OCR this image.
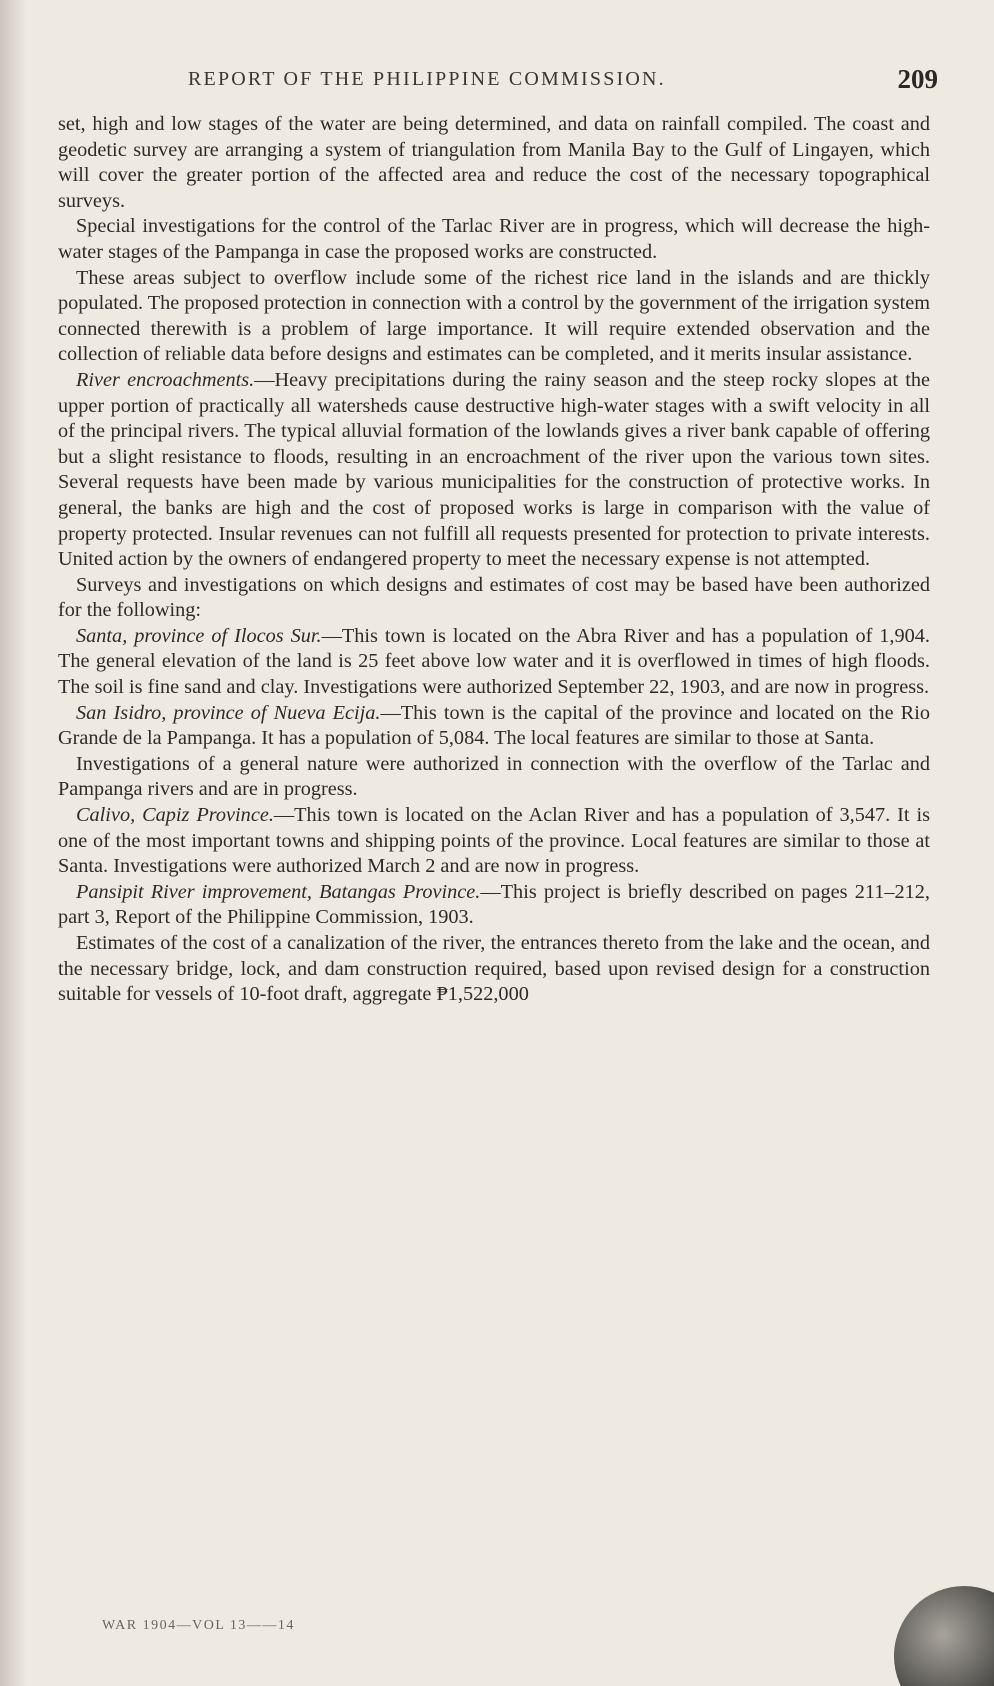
REPORT OF THE PHILIPPINE COMMISSION.	209

set, high and low stages of the water are being determined, and data on rainfall compiled. The coast and geodetic survey are arranging a system of triangulation from Manila Bay to the Gulf of Lingayen, which will cover the greater portion of the affected area and reduce the cost of the necessary topographical surveys.

Special investigations for the control of the Tarlac River are in progress, which will decrease the high-water stages of the Pampanga in case the proposed works are constructed.

These areas subject to overflow include some of the richest rice land in the islands and are thickly populated. The proposed protection in connection with a control by the government of the irrigation system connected therewith is a problem of large importance. It will require extended observation and the collection of reliable data before designs and estimates can be completed, and it merits insular assistance.

River encroachments.—Heavy precipitations during the rainy season and the steep rocky slopes at the upper portion of practically all watersheds cause destructive high-water stages with a swift velocity in all of the principal rivers. The typical alluvial formation of the lowlands gives a river bank capable of offering but a slight resistance to floods, resulting in an encroachment of the river upon the various town sites. Several requests have been made by various municipalities for the construction of protective works. In general, the banks are high and the cost of proposed works is large in comparison with the value of property protected. Insular revenues can not fulfill all requests presented for protection to private interests. United action by the owners of endangered property to meet the necessary expense is not attempted.

Surveys and investigations on which designs and estimates of cost may be based have been authorized for the following:

Santa, province of Ilocos Sur.—This town is located on the Abra River and has a population of 1,904. The general elevation of the land is 25 feet above low water and it is overflowed in times of high floods. The soil is fine sand and clay. Investigations were authorized September 22, 1903, and are now in progress.

San Isidro, province of Nueva Ecija.—This town is the capital of the province and located on the Rio Grande de la Pampanga. It has a population of 5,084. The local features are similar to those at Santa.

Investigations of a general nature were authorized in connection with the overflow of the Tarlac and Pampanga rivers and are in progress.

Calivo, Capiz Province.—This town is located on the Aclan River and has a population of 3,547. It is one of the most important towns and shipping points of the province. Local features are similar to those at Santa. Investigations were authorized March 2 and are now in progress.

Pansipit River improvement, Batangas Province.—This project is briefly described on pages 211–212, part 3, Report of the Philippine Commission, 1903.

Estimates of the cost of a canalization of the river, the entrances thereto from the lake and the ocean, and the necessary bridge, lock, and dam construction required, based upon revised design for a construction suitable for vessels of 10-foot draft, aggregate ₱1,522,000

WAR 1904—VOL 13——14
